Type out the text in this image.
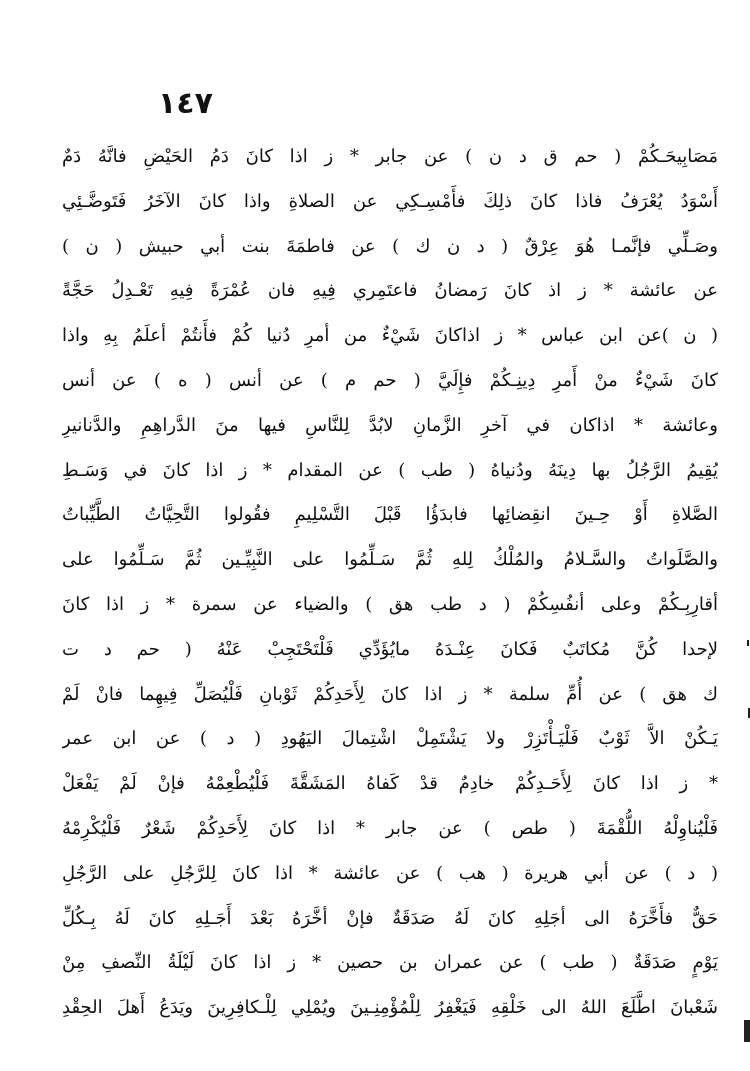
١٤٧
مَصَابِيحَـكُمْ ( حم ق د ن ) عن جابر * ز اذا كانَ دَمُ الحَيْضِ فانَّهُ دَمٌ
أَسْوَدُ يُعْرَفُ فاذا كانَ ذلِكَ فأَمْسِـكِي عن الصلاةِ واذا كانَ الآخَرُ فَتَوضَّـئِي
وصَـلِّي فإنَّمـا هُوَ عِرْقٌ ( د ن ك ) عن فاطمَةَ بنت أبي حبيش ( ن )
عن عائشة * ز اذ كانَ رَمضانُ فاعتَمِري فِيهِ فان عُمْرَةً فِيهِ تَعْـدِلُ حَجَّةً
( ن )عن ابن عباس * ز اذاكانَ شَيْءٌ من أمرِ دُنيا كُمْ فأَنتُمْ أعلَمُ بِهِ واذا
كانَ شَيْءٌ منْ أَمرِ دِينِـكُمْ فإِلَيَّ ( حم م ) عن أنس ( ه ) عن أنس
وعائشة * اذاكان في آخرِ الزَّمانِ لابُدَّ لِلنَّاسِ فيها منَ الدَّراهِمِ والدَّنانيرِ
يُقِيمُ الرَّجُلُ بها دِينَهُ ودُنياهُ ( طب ) عن المقدام * ز اذا كانَ في وَسَـطِ
الصَّلاةِ أَوْ حِـينَ انقِضائِها فابدَؤُا قَبْلَ التَّسْلِيمِ فقُولوا التَّحِيَّاتُ الطَّيِّباتُ
والصَّلَواتُ والسَّـلامُ والمُلْكُ لِلهِ ثُمَّ سَـلِّمُوا على النَّبِيِّـين ثُمَّ سَـلِّمُوا على
أقارِبِـكُمْ وعلى أنفُسِكُمْ ( د طب هق ) والضياء عن سمرة * ز اذا كانَ
لإحدا كُنَّ مُكاتَبٌ فَكانَ عِنْـدَهُ مايُؤَدِّي فَلْتَحْتَجِبْ عَنْهُ ( حم د ت
ك هق ) عن أُمِّ سلمة * ز اذا كانَ لِأَحَدِكُمْ ثَوْبانِ فَلْيُصَلِّ فِيهِما فانْ لَمْ
يَـكُنْ الاَّ ثَوْبٌ فَلْيَـأْتَزِرْ ولا يَشْتَمِلْ اشْتِمالَ اليَهُودِ ( د ) عن ابن عمر
* ز اذا كانَ لِأَحَـدِكُمْ خادِمٌ قدْ كَفاهُ المَشَقَّةَ فَلْيُطْعِمْهُ فإنْ لَمْ يَفْعَلْ
فَلْيُناوِلْهُ اللُّقْمَةَ ( طص ) عن جابر * اذا كانَ لِأَحَدِكُمْ شَعْرٌ فَلْيُكْرِمْهُ
( د ) عن أبي هريرة ( هب ) عن عائشة * اذا كانَ لِلرَّجُلِ على الرَّجُلِ
حَقٌّ فأَخَّرَهُ الى أجَلِهِ كانَ لَهُ صَدَقَةٌ فإنْ أخَّرَهُ بَعْدَ أَجَـلِهِ كانَ لَهُ بِـكُلِّ
يَوْمٍ صَدَقَةٌ ( طب ) عن عمران بن حصين * ز اذا كانَ لَيْلَةُ النِّصفِ مِنْ
شَعْبانَ اطَّلَعَ اللهُ الى خَلْقِهِ فَيَغْفِرُ لِلْمُؤْمِنِـينَ ويُمْلِي لِلْـكافِرِينَ ويَدَعُ أَهلَ الحِقْدِ
